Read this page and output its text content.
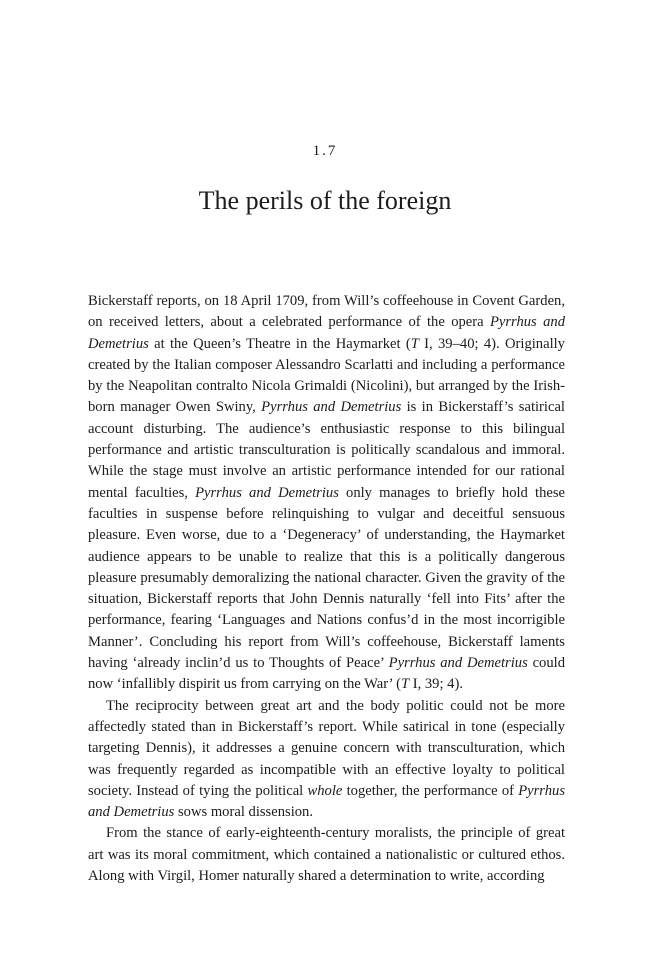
1.7
The perils of the foreign

Bickerstaff reports, on 18 April 1709, from Will’s coffeehouse in Covent Garden, on received letters, about a celebrated performance of the opera Pyrrhus and Demetrius at the Queen’s Theatre in the Haymarket (T I, 39–40; 4). Originally created by the Italian composer Alessandro Scarlatti and including a performance by the Neapolitan contralto Nicola Grimaldi (Nicolini), but arranged by the Irish-born manager Owen Swiny, Pyrrhus and Demetrius is in Bickerstaff’s satirical account disturbing. The audience’s enthusiastic response to this bilingual performance and artistic transculturation is politically scandalous and immoral. While the stage must involve an artistic performance intended for our rational mental faculties, Pyrrhus and Demetrius only manages to briefly hold these faculties in suspense before relinquishing to vulgar and deceitful sensuous pleasure. Even worse, due to a ‘Degeneracy’ of understanding, the Haymarket audience appears to be unable to realize that this is a politically dangerous pleasure presumably demoralizing the national character. Given the gravity of the situation, Bickerstaff reports that John Dennis naturally ‘fell into Fits’ after the performance, fearing ‘Languages and Nations confus’d in the most incorrigible Manner’. Concluding his report from Will’s coffeehouse, Bickerstaff laments having ‘already inclin’d us to Thoughts of Peace’ Pyrrhus and Demetrius could now ‘infallibly dispirit us from carrying on the War’ (T I, 39; 4).

The reciprocity between great art and the body politic could not be more affectedly stated than in Bickerstaff’s report. While satirical in tone (especially targeting Dennis), it addresses a genuine concern with transculturation, which was frequently regarded as incompatible with an effective loyalty to political society. Instead of tying the political whole together, the performance of Pyrrhus and Demetrius sows moral dissension.

From the stance of early-eighteenth-century moralists, the principle of great art was its moral commitment, which contained a nationalistic or cultured ethos. Along with Virgil, Homer naturally shared a determination to write, according
